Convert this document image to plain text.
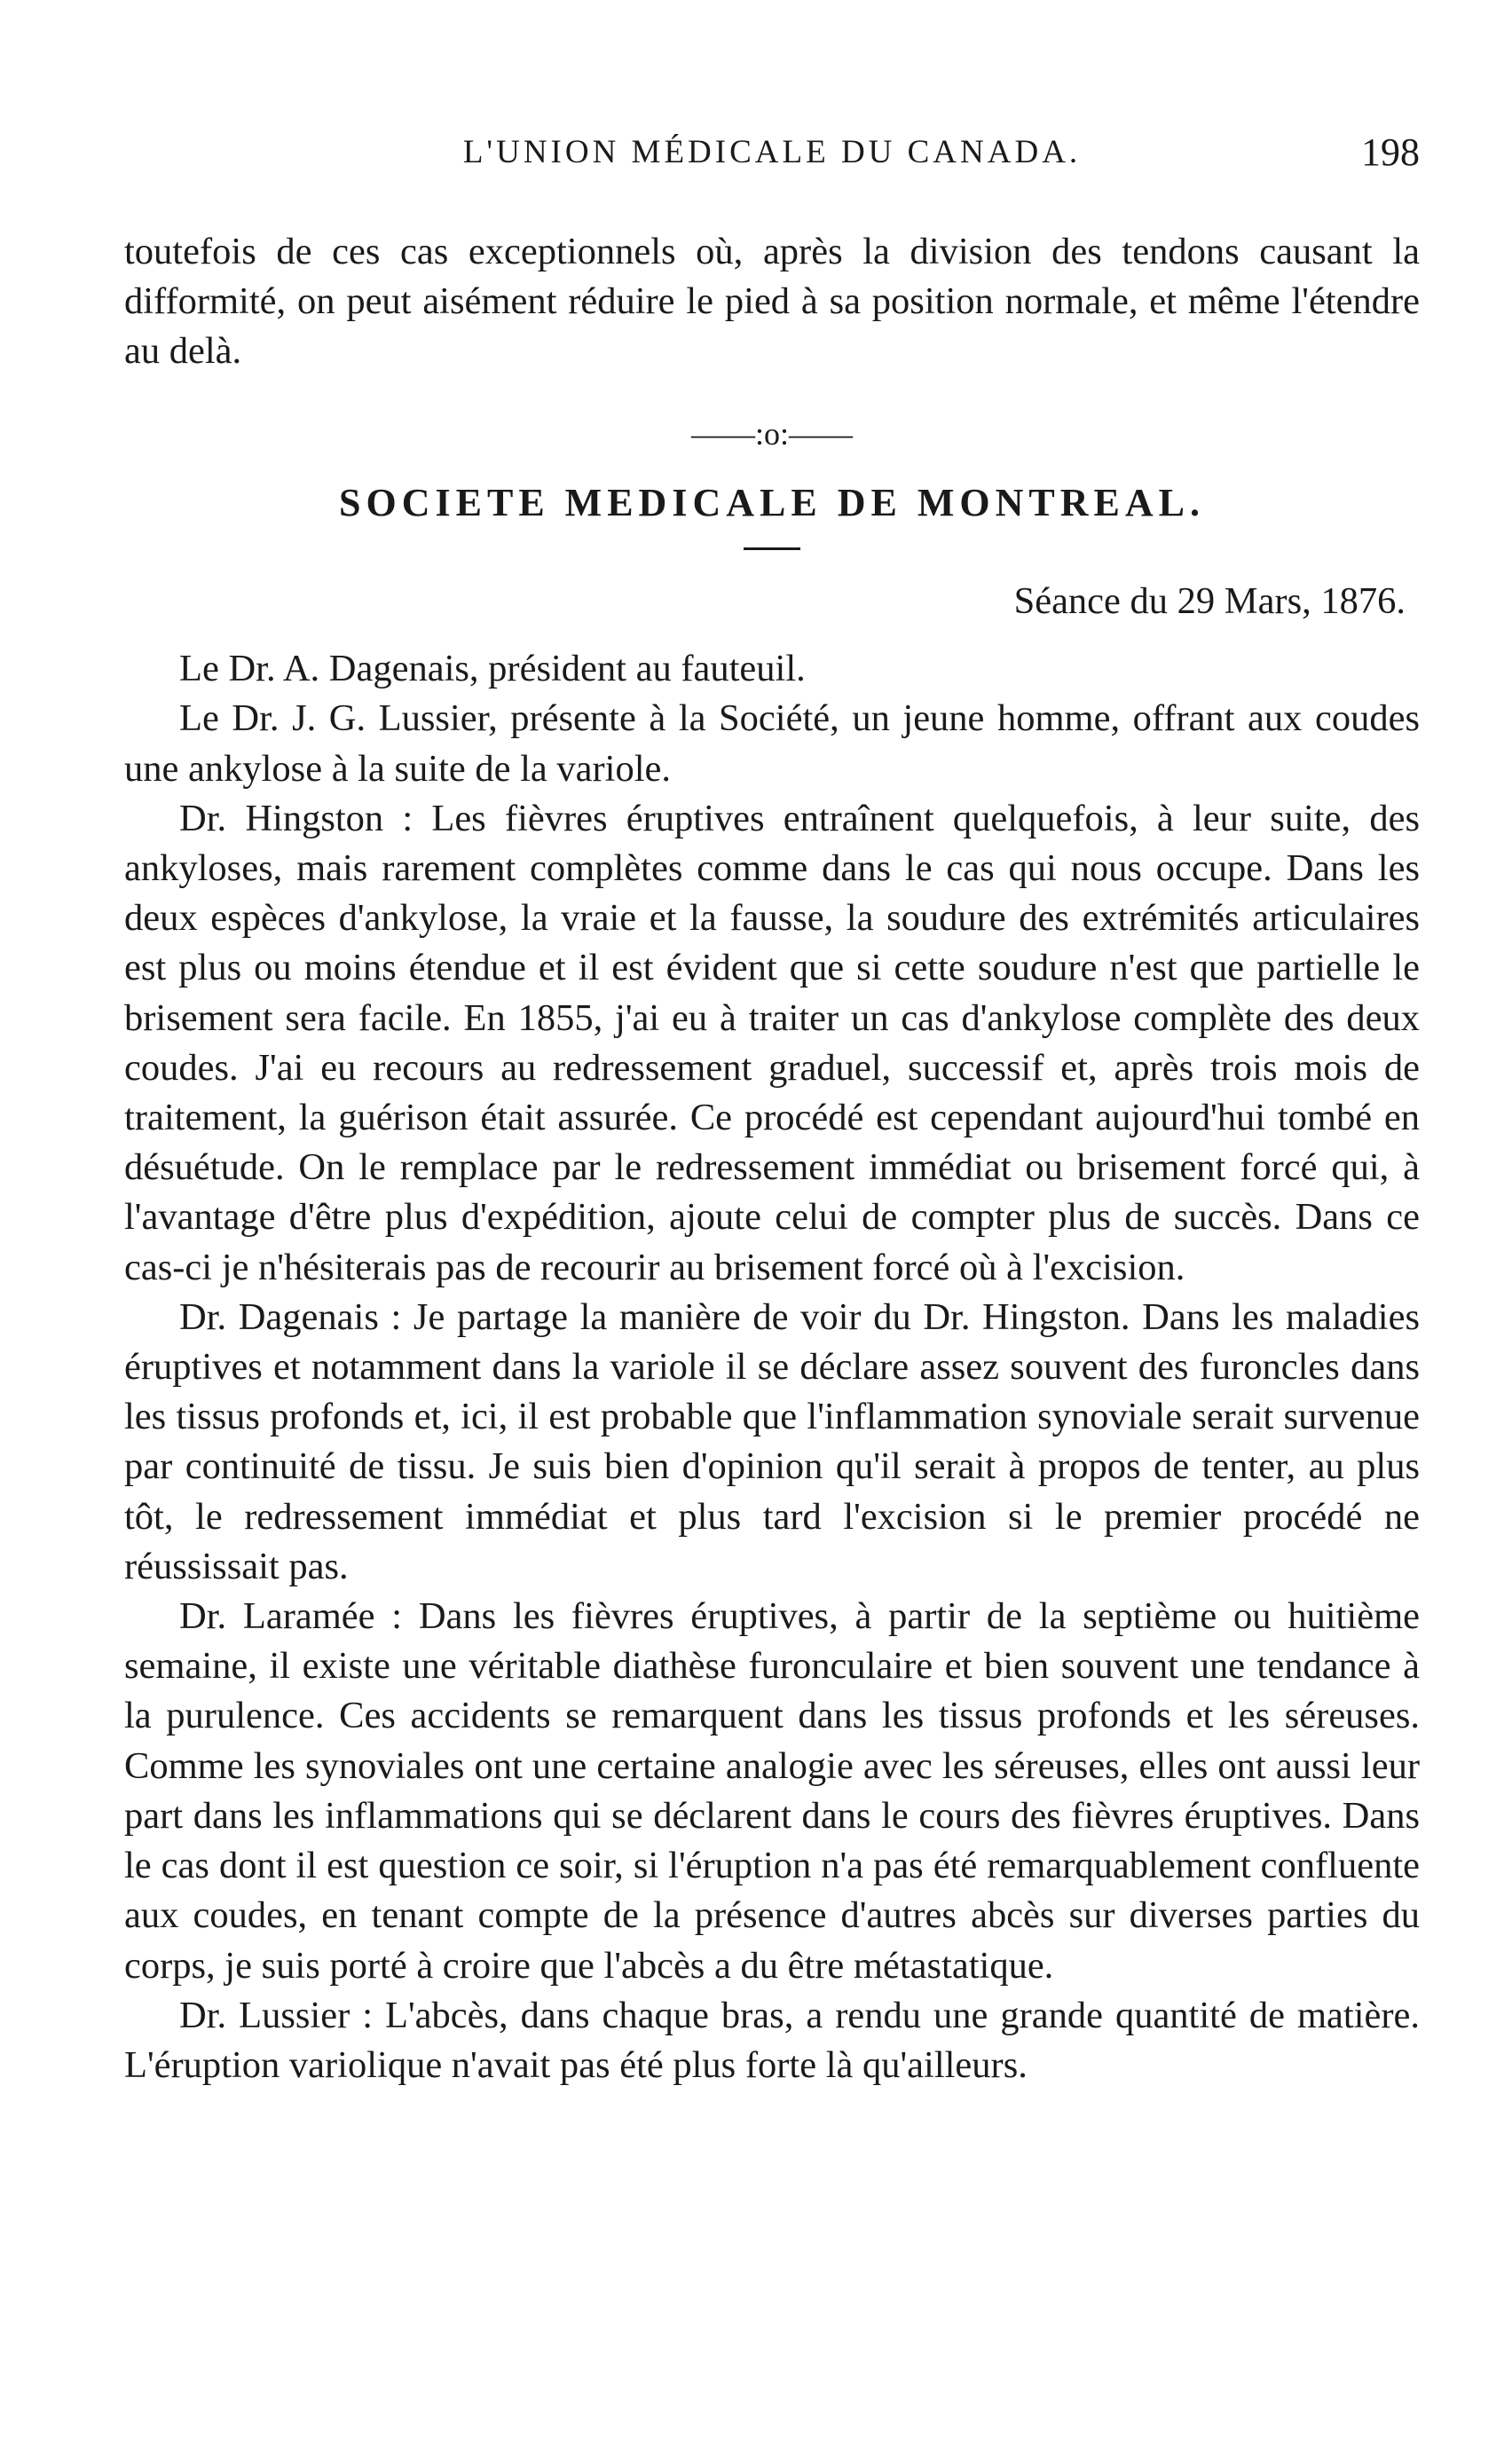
L'UNION MÉDICALE DU CANADA.	198

toutefois de ces cas exceptionnels où, après la division des tendons causant la difformité, on peut aisément réduire le pied à sa position normale, et même l'étendre au delà.

——:o:——
SOCIETE MEDICALE DE MONTREAL.
Séance du 29 Mars, 1876.

Le Dr. A. Dagenais, président au fauteuil.

Le Dr. J. G. Lussier, présente à la Société, un jeune homme, offrant aux coudes une ankylose à la suite de la variole.

Dr. Hingston : Les fièvres éruptives entraînent quelquefois, à leur suite, des ankyloses, mais rarement complètes comme dans le cas qui nous occupe. Dans les deux espèces d'ankylose, la vraie et la fausse, la soudure des extrémités articulaires est plus ou moins étendue et il est évident que si cette soudure n'est que partielle le brisement sera facile. En 1855, j'ai eu à traiter un cas d'ankylose complète des deux coudes. J'ai eu recours au redressement graduel, successif et, après trois mois de traitement, la guérison était assurée. Ce procédé est cependant aujourd'hui tombé en désuétude. On le remplace par le redressement immédiat ou brisement forcé qui, à l'avantage d'être plus d'expédition, ajoute celui de compter plus de succès. Dans ce cas-ci je n'hésiterais pas de recourir au brisement forcé où à l'excision.

Dr. Dagenais : Je partage la manière de voir du Dr. Hingston. Dans les maladies éruptives et notamment dans la variole il se déclare assez souvent des furoncles dans les tissus profonds et, ici, il est probable que l'inflammation synoviale serait survenue par continuité de tissu. Je suis bien d'opinion qu'il serait à propos de tenter, au plus tôt, le redressement immédiat et plus tard l'excision si le premier procédé ne réussissait pas.

Dr. Laramée : Dans les fièvres éruptives, à partir de la septième ou huitième semaine, il existe une véritable diathèse furonculaire et bien souvent une tendance à la purulence. Ces accidents se remarquent dans les tissus profonds et les séreuses. Comme les synoviales ont une certaine analogie avec les séreuses, elles ont aussi leur part dans les inflammations qui se déclarent dans le cours des fièvres éruptives. Dans le cas dont il est question ce soir, si l'éruption n'a pas été remarquablement confluente aux coudes, en tenant compte de la présence d'autres abcès sur diverses parties du corps, je suis porté à croire que l'abcès a du être métastatique.

Dr. Lussier : L'abcès, dans chaque bras, a rendu une grande quantité de matière. L'éruption variolique n'avait pas été plus forte là qu'ailleurs.
